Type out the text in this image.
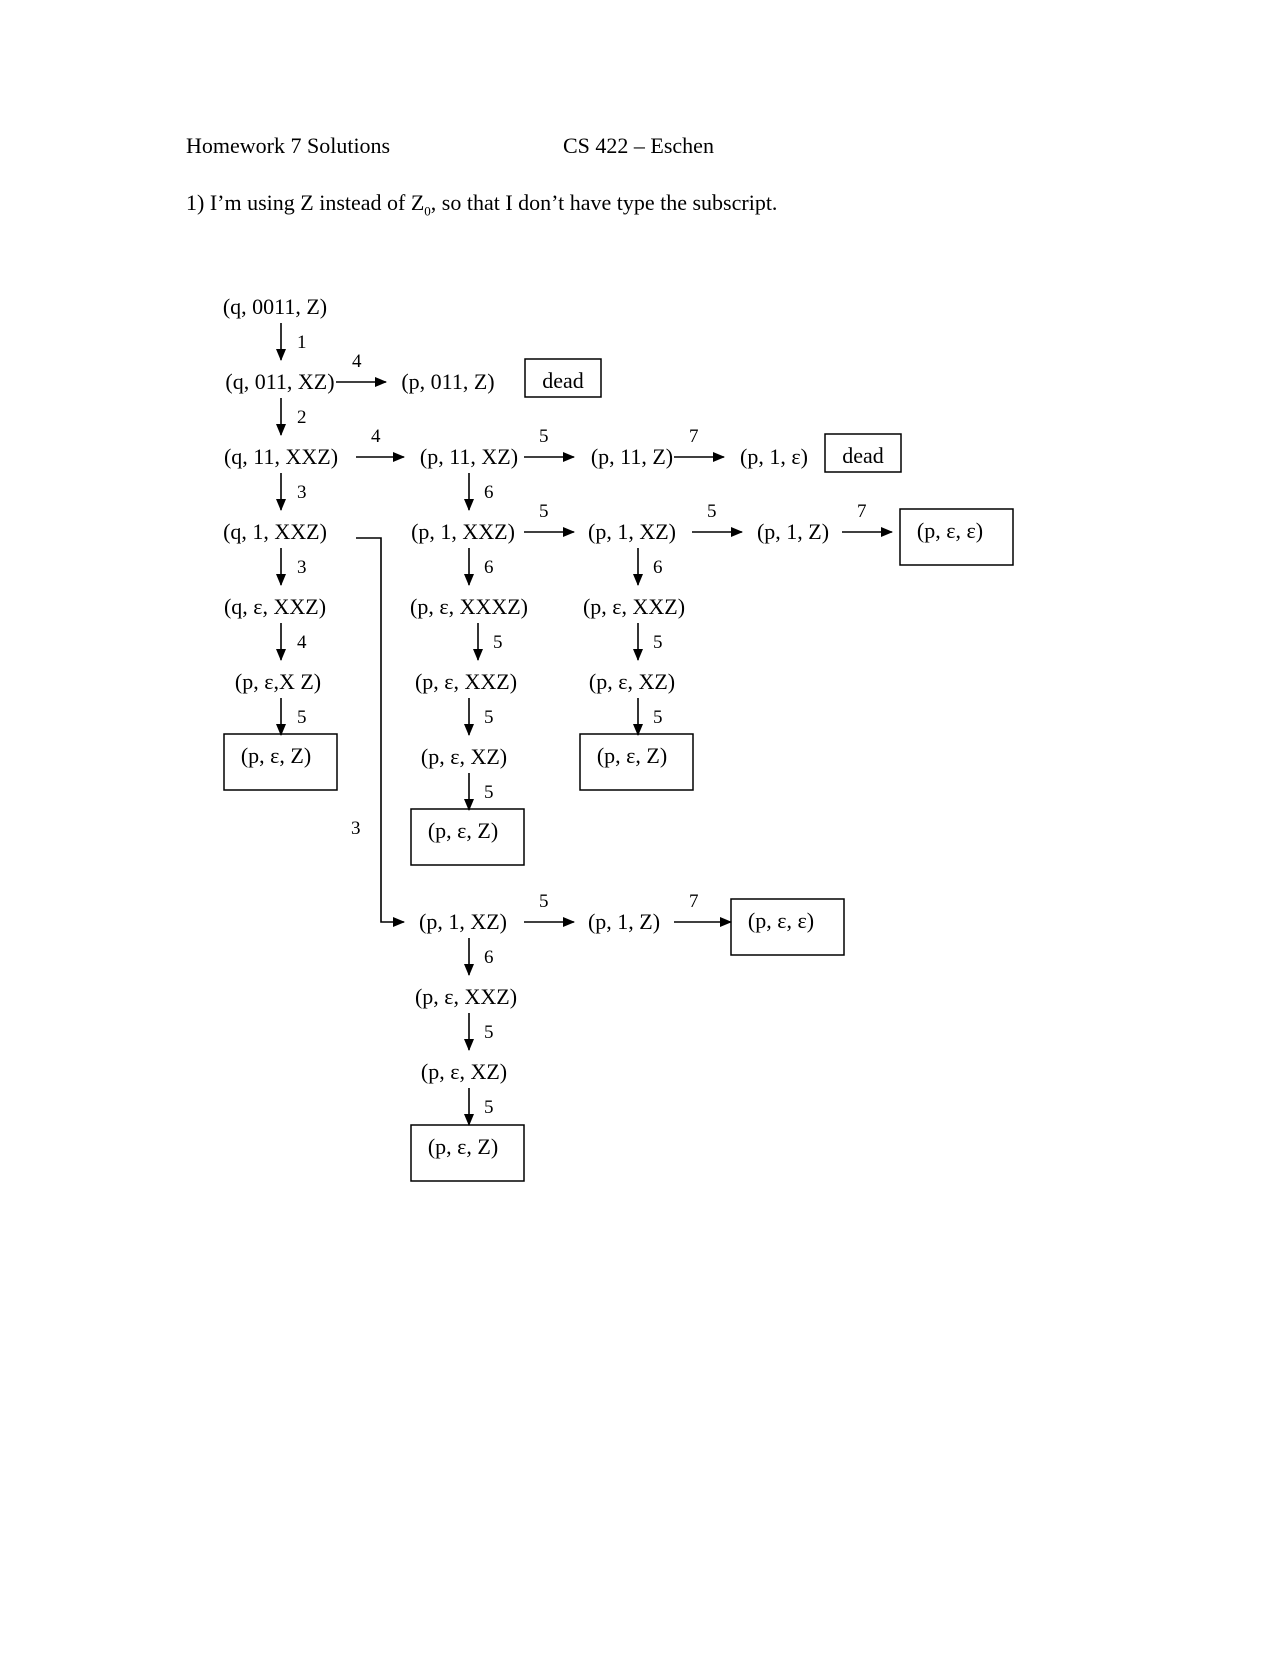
Homework 7 Solutions	CS 422 – Eschen
1) I’m using Z instead of $Z_0$, so that I don’t have type the subscript.
(q, 0011, Z)
(q, 011, XZ)	(p, 011, Z) dead
(q, 11, XXZ)	(p, 11, XZ)	(p, 11, Z)	(p, 1, ε) dead
(q, 1, XXZ)	(p, 1, XXZ)	(p, 1, XZ)	(p, 1, Z)	(p, ε, ε)
(q, ε, XXZ)	(p, ε, XXXZ) (p, ε, XXZ)
(p, ε,X Z)	(p, ε, XXZ)	(p, ε, XZ)
(p, ε, Z)	(p, ε, XZ)	(p, ε, Z)
(p, ε, Z)
(p, 1, XZ)	(p, 1, Z)	(p, ε, ε)
(p, ε, XXZ)
(p, ε, XZ)
(p, ε, Z)
1
4
2
4	5	7
3	6
5	5	7
3	6	6
4	5	5
5	5	5
5
3
5	7
6
5
5
